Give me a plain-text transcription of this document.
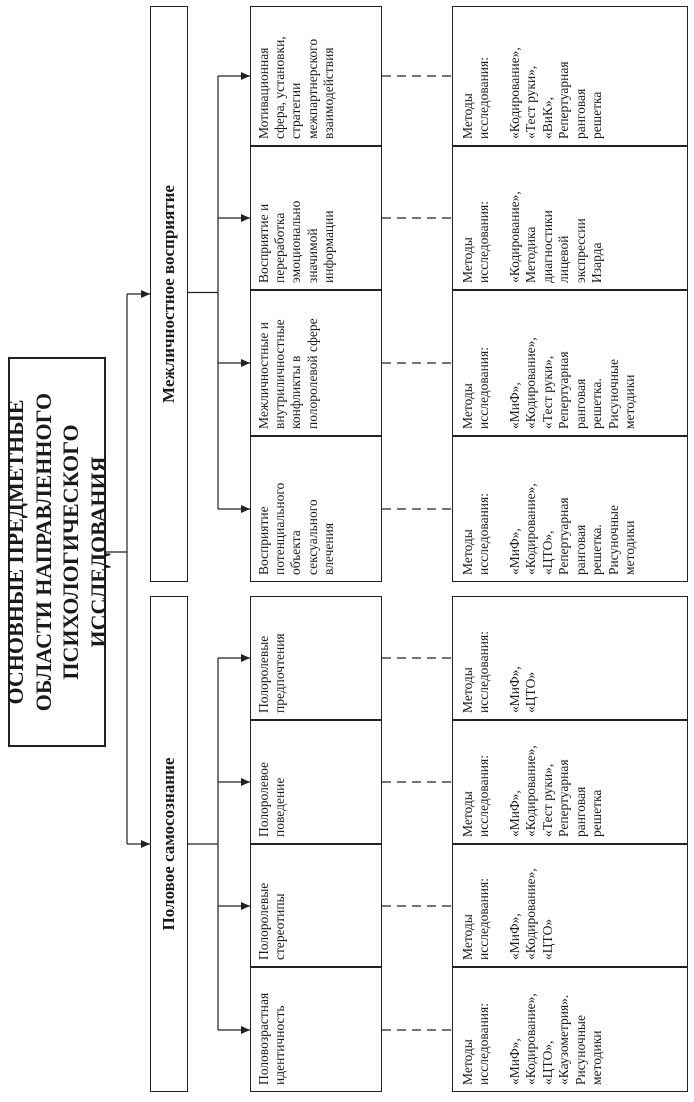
ОСНОВНЫЕ ПРЕДМЕТНЫЕ ОБЛАСТИ НАПРАВЛЕННОГО
ПСИХОЛОГИЧЕСКОГО ИССЛЕДОВАНИЯ
Половое самосознание
Межличностное восприятие
Половозрастная
идентичность
Полоролевые
стереотипы
Полоролевое
поведение
Полоролевые
предпочтения
Восприятие
потенциального
объекта
сексуального
влечения
Межличностные и
внутриличностные
конфликты в
полоролевой сфере
Восприятие и
переработка
эмоционально
значимой
информации
Мотивационная
сфера, установки,
стратегии
межпартнерского
взаимодействия
Методы
исследования: «МиФ»,
«Кодирование»,
«ЦТО»,
«Каузометрия».
Рисуночные
методики
Методы
исследования: «МиФ»,
«Кодирование»,
«ЦТО»
Методы
исследования: «МиФ»,
«Кодирование»,
«Тест руки»,
Репертуарная
ранговая
решетка
Методы
исследования: «МиФ»,
«ЦТО»
Методы
исследования: «МиФ»,
«Кодирование»,
«ЦТО»,
Репертуарная
ранговая
решетка.
Рисуночные
методики
Методы
исследования: «МиФ»,
«Кодирование»,
«Тест руки»,
Репертуарная
ранговая
решетка.
Рисуночные
методики
Методы
исследования: «Кодирование»,
Методика
диагностики
лицевой
экспрессии
Изарда
Методы
исследования: «Кодирование»,
«Тест руки»,
«ВиК»,
Репертуарная
ранговая
решетка
